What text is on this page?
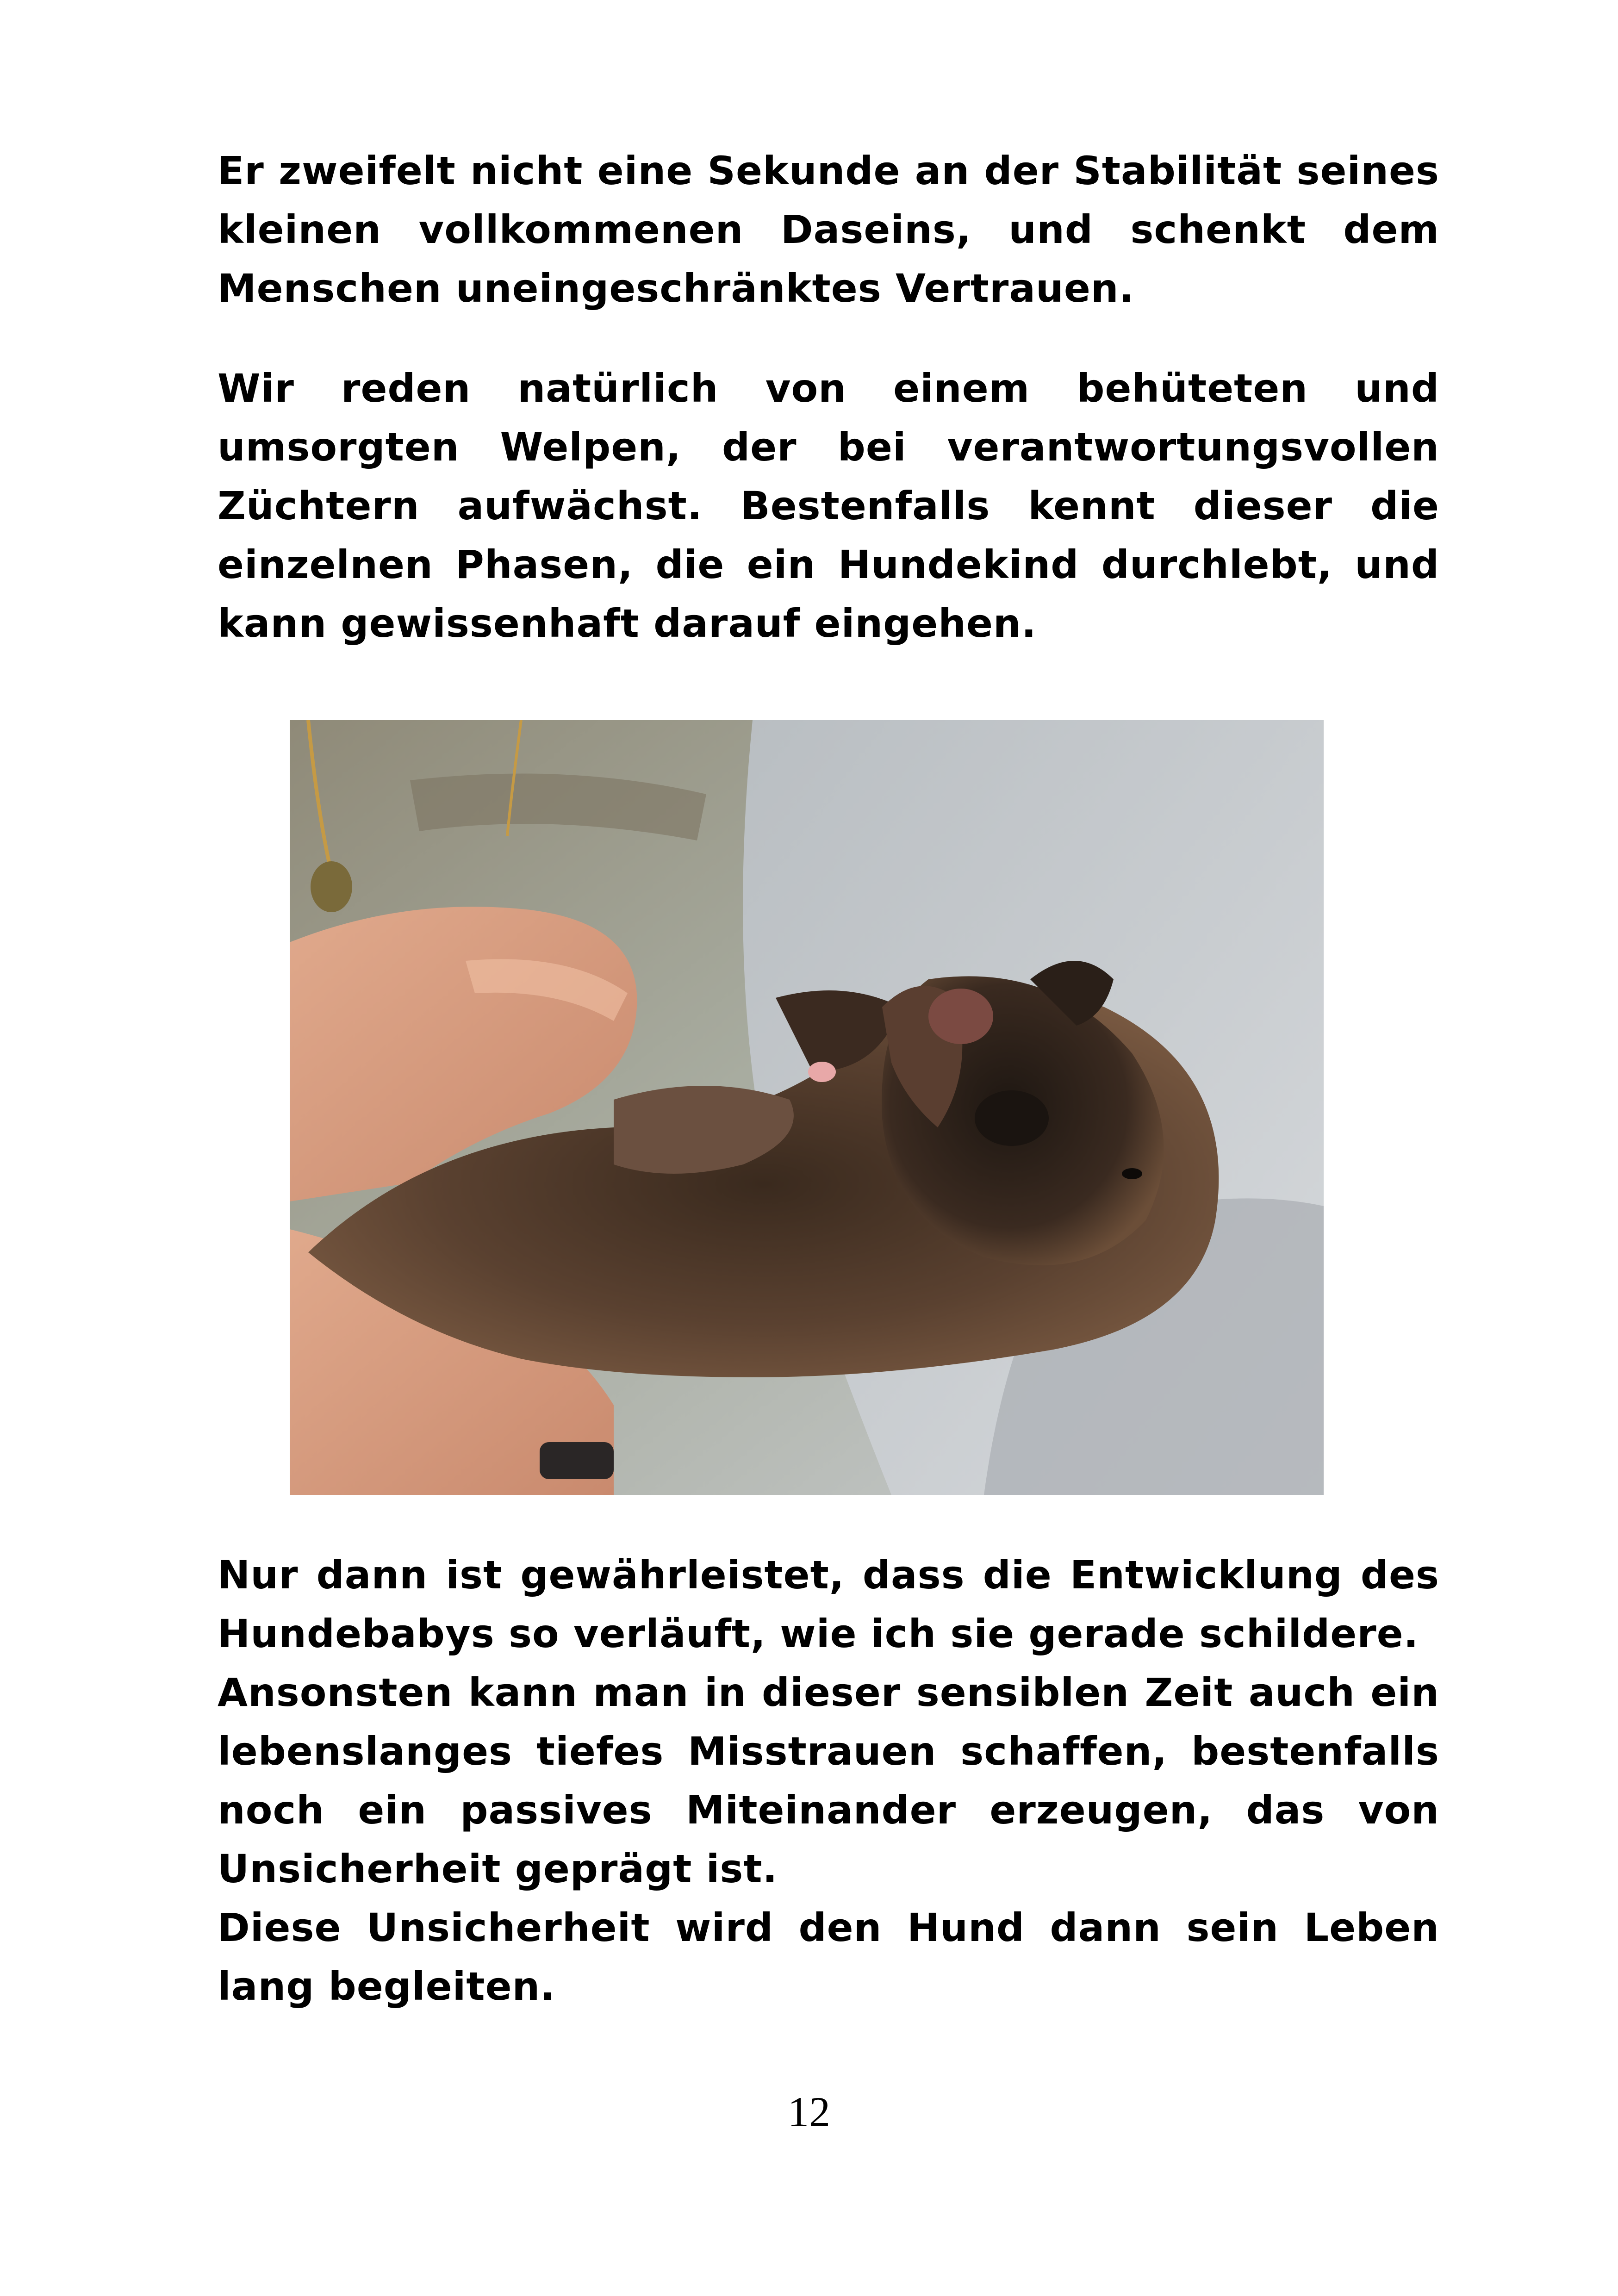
Er zweifelt nicht eine Sekunde an der Stabilität seines kleinen vollkommenen Daseins, und schenkt dem Menschen uneingeschränktes Vertrauen.

Wir reden natürlich von einem behüteten und umsorgten Welpen, der bei verantwortungsvollen Züchtern aufwächst. Bestenfalls kennt dieser die einzelnen Phasen, die ein Hundekind durchlebt, und kann gewissenhaft darauf eingehen.

Nur dann ist gewährleistet, dass die Entwicklung des Hundebabys so verläuft, wie ich sie gerade schildere.

Ansonsten kann man in dieser sensiblen Zeit auch ein lebenslanges tiefes Misstrauen schaffen, bestenfalls noch ein passives Miteinander erzeugen, das von Unsicherheit geprägt ist.

Diese Unsicherheit wird den Hund dann sein Leben lang begleiten.

12
